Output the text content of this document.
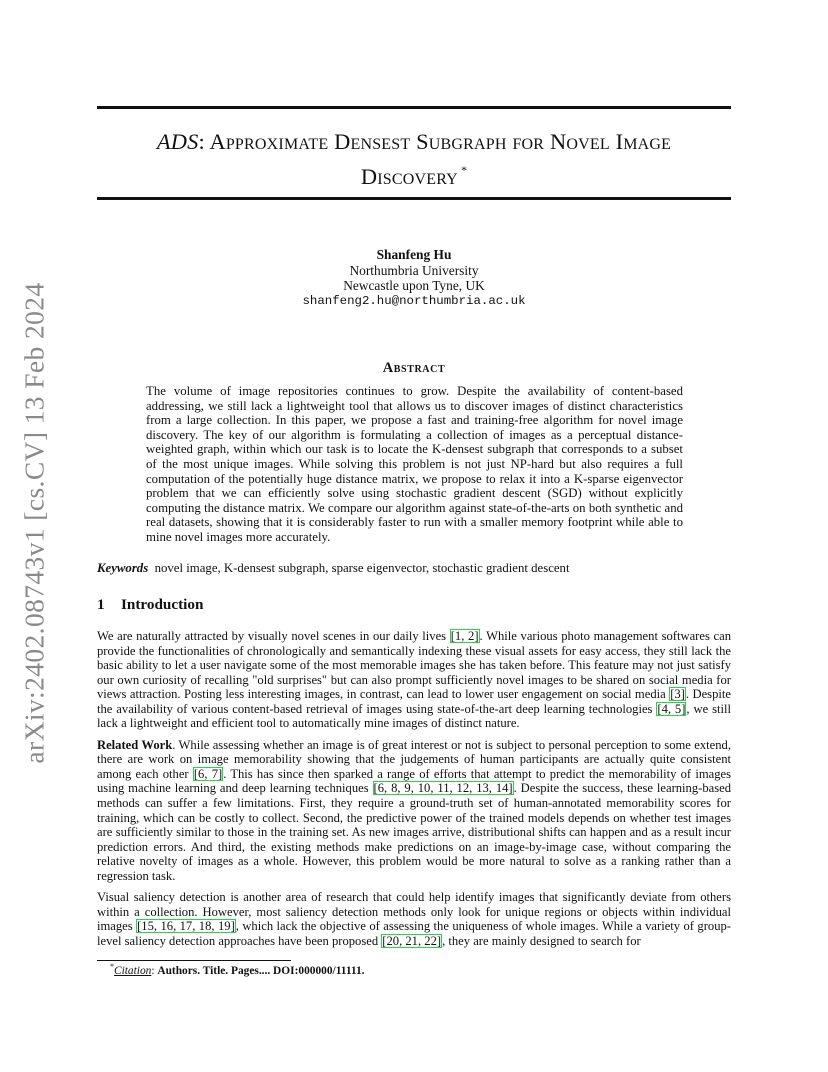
arXiv:2402.08743v1 [cs.CV] 13 Feb 2024
ADS: Approximate Densest Subgraph for Novel Image
Discovery *
Shanfeng Hu
Northumbria University
Newcastle upon Tyne, UK
shanfeng2.hu@northumbria.ac.uk
Abstract
The volume of image repositories continues to grow. Despite the availability of content-based addressing, we still lack a lightweight tool that allows us to discover images of distinct characteristics from a large collection. In this paper, we propose a fast and training-free algorithm for novel image discovery. The key of our algorithm is formulating a collection of images as a perceptual distance-weighted graph, within which our task is to locate the K-densest subgraph that corresponds to a subset of the most unique images. While solving this problem is not just NP-hard but also requires a full computation of the potentially huge distance matrix, we propose to relax it into a K-sparse eigenvector problem that we can efficiently solve using stochastic gradient descent (SGD) without explicitly computing the distance matrix. We compare our algorithm against state-of-the-arts on both synthetic and real datasets, showing that it is considerably faster to run with a smaller memory footprint while able to mine novel images more accurately.
Keywords novel image, K-densest subgraph, sparse eigenvector, stochastic gradient descent
1 Introduction

We are naturally attracted by visually novel scenes in our daily lives [1, 2]. While various photo management softwares can provide the functionalities of chronologically and semantically indexing these visual assets for easy access, they still lack the basic ability to let a user navigate some of the most memorable images she has taken before. This feature may not just satisfy our own curiosity of recalling "old surprises" but can also prompt sufficiently novel images to be shared on social media for views attraction. Posting less interesting images, in contrast, can lead to lower user engagement on social media [3]. Despite the availability of various content-based retrieval of images using state-of-the-art deep learning technologies [4, 5], we still lack a lightweight and efficient tool to automatically mine images of distinct nature.

Related Work. While assessing whether an image is of great interest or not is subject to personal perception to some extend, there are work on image memorability showing that the judgements of human participants are actually quite consistent among each other [6, 7]. This has since then sparked a range of efforts that attempt to predict the memorability of images using machine learning and deep learning techniques [6, 8, 9, 10, 11, 12, 13, 14]. Despite the success, these learning-based methods can suffer a few limitations. First, they require a ground-truth set of human-annotated memorability scores for training, which can be costly to collect. Second, the predictive power of the trained models depends on whether test images are sufficiently similar to those in the training set. As new images arrive, distributional shifts can happen and as a result incur prediction errors. And third, the existing methods make predictions on an image-by-image case, without comparing the relative novelty of images as a whole. However, this problem would be more natural to solve as a ranking rather than a regression task.

Visual saliency detection is another area of research that could help identify images that significantly deviate from others within a collection. However, most saliency detection methods only look for unique regions or objects within individual images [15, 16, 17, 18, 19], which lack the objective of assessing the uniqueness of whole images. While a variety of group-level saliency detection approaches have been proposed [20, 21, 22], they are mainly designed to search for

*Citation: Authors. Title. Pages.... DOI:000000/11111.
